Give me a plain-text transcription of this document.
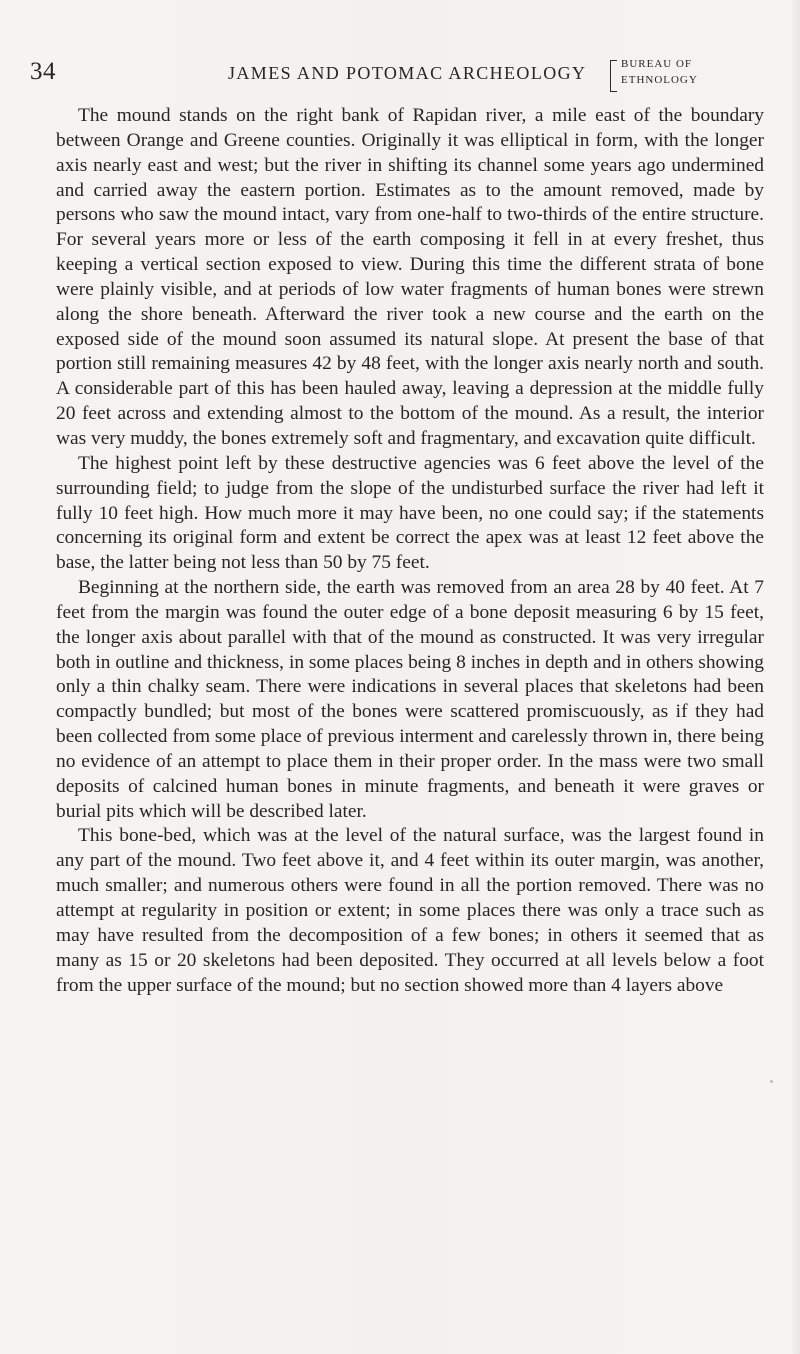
34	JAMES AND POTOMAC ARCHEOLOGY	BUREAU OF
ETHNOLOGY

The mound stands on the right bank of Rapidan river, a mile east of the boundary between Orange and Greene counties. Originally it was elliptical in form, with the longer axis nearly east and west; but the river in shifting its channel some years ago undermined and carried away the eastern portion. Estimates as to the amount removed, made by persons who saw the mound intact, vary from one-half to two-thirds of the entire structure. For several years more or less of the earth composing it fell in at every freshet, thus keeping a vertical section exposed to view. During this time the different strata of bone were plainly visible, and at periods of low water fragments of human bones were strewn along the shore beneath. Afterward the river took a new course and the earth on the exposed side of the mound soon assumed its natural slope. At present the base of that portion still remaining measures 42 by 48 feet, with the longer axis nearly north and south. A considerable part of this has been hauled away, leaving a depression at the middle fully 20 feet across and extending almost to the bottom of the mound. As a result, the interior was very muddy, the bones extremely soft and fragmentary, and excavation quite difficult.

The highest point left by these destructive agencies was 6 feet above the level of the surrounding field; to judge from the slope of the undisturbed surface the river had left it fully 10 feet high. How much more it may have been, no one could say; if the statements concerning its original form and extent be correct the apex was at least 12 feet above the base, the latter being not less than 50 by 75 feet.

Beginning at the northern side, the earth was removed from an area 28 by 40 feet. At 7 feet from the margin was found the outer edge of a bone deposit measuring 6 by 15 feet, the longer axis about parallel with that of the mound as constructed. It was very irregular both in outline and thickness, in some places being 8 inches in depth and in others showing only a thin chalky seam. There were indications in several places that skeletons had been compactly bundled; but most of the bones were scattered promiscuously, as if they had been collected from some place of previous interment and carelessly thrown in, there being no evidence of an attempt to place them in their proper order. In the mass were two small deposits of calcined human bones in minute fragments, and beneath it were graves or burial pits which will be described later.

This bone-bed, which was at the level of the natural surface, was the largest found in any part of the mound. Two feet above it, and 4 feet within its outer margin, was another, much smaller; and numerous others were found in all the portion removed. There was no attempt at regularity in position or extent; in some places there was only a trace such as may have resulted from the decomposition of a few bones; in others it seemed that as many as 15 or 20 skeletons had been deposited. They occurred at all levels below a foot from the upper surface of the mound; but no section showed more than 4 layers above
